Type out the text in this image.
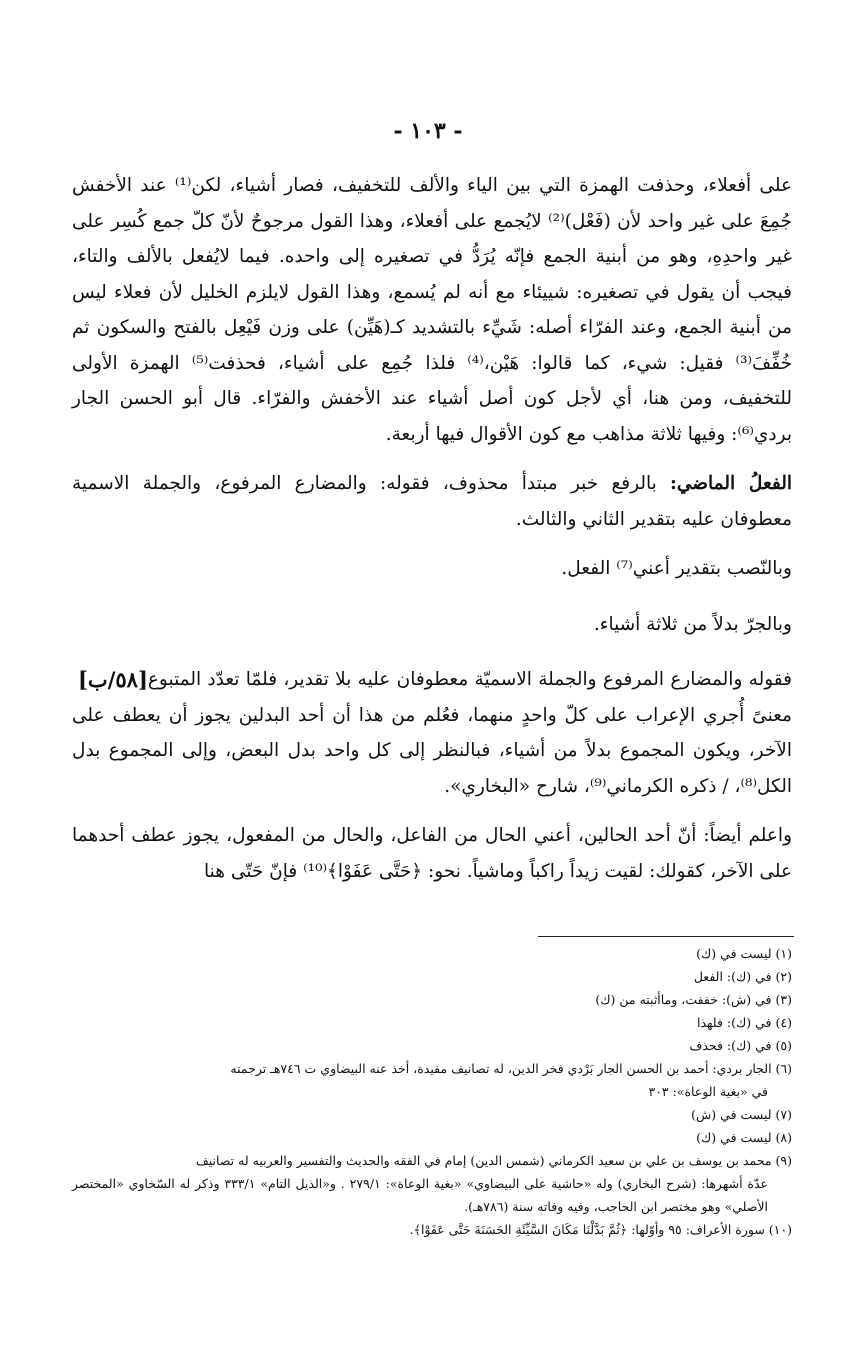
- ١٠٣ -

على أفعلاء، وحذفت الهمزة التي بين الياء والألف للتخفيف، فصار أشياء، لكن⁽¹⁾ عند الأخفش جُمِعَ على غير واحد لأن (فَعْل)⁽²⁾ لايُجمع على أفعلاء، وهذا القول مرجوحٌ لأنّ كلّ جمع كُسِر على غير واحدِهِ، وهو من أبنية الجمع فإنّه يُرَدُّ في تصغيره إلى واحده. فيما لايُفعل بالألف والتاء، فيجب أن يقول في تصغيره: شييئاء مع أنه لم يُسمع، وهذا القول لايلزم الخليل لأن فعلاء ليس من أبنية الجمع، وعند الفرّاء أصله: شَيِّء بالتشديد كـ(هَيِّن) على وزن فَيْعِل بالفتح والسكون ثم خُفِّفَ⁽³⁾ فقيل: شيء، كما قالوا: هَيْن،⁽⁴⁾ فلذا جُمِع على أشياء، فحذفت⁽⁵⁾ الهمزة الأولى للتخفيف، ومن هنا، أي لأجل كون أصل أشياء عند الأخفش والفرّاء. قال أبو الحسن الجار بردي⁽⁶⁾: وفيها ثلاثة مذاهب مع كون الأقوال فيها أربعة.

الفعلُ الماضي: بالرفع خبر مبتدأ محذوف، فقوله: والمضارع المرفوع، والجملة الاسمية معطوفان عليه بتقدير الثاني والثالث.

وبالنّصب بتقدير أعني⁽⁷⁾ الفعل.

وبالجرّ بدلاً من ثلاثة أشياء.

[٥٨/ب] فقوله والمضارع المرفوع والجملة الاسميّة معطوفان عليه بلا تقدير، فلمّا تعدّد المتبوع معنىً أُجري الإعراب على كلّ واحدٍ منهما، فعُلم من هذا أن أحد البدلين يجوز أن يعطف على الآخر، ويكون المجموع بدلاً من أشياء، فبالنظر إلى كل واحد بدل البعض، وإلى المجموع بدل الكل⁽⁸⁾، / ذكره الكرماني⁽⁹⁾، شارح «البخاري».

واعلم أيضاً: أنّ أحد الحالين، أعني الحال من الفاعل، والحال من المفعول، يجوز عطف أحدهما على الآخر، كقولك: لقيت زيداً راكباً وماشياً. نحو: ﴿حَتَّى عَفَوْا﴾⁽¹⁰⁾ فإنّ حَتّى هنا

(١) ليست في (ك)
(٢) في (ك): الفعل
(٣) في (ش): خففت، وماأثبته من (ك)
(٤) في (ك): فلهذا
(٥) في (ك): فحذف
(٦) الجار بردي: أحمد بن الحسن الجار بَرْدي فخر الدين، له تصانيف مفيدة، أخذ عنه البيضاوي ت ٧٤٦هـ ترجمته
في «بغية الوعاة»: ٣٠٣
(٧) ليست في (ش)
(٨) ليست في (ك)
(٩) محمد بن يوسف بن علي بن سعيد الكرماني (شمس الدين) إمام في الفقه والحديث والتفسير والعربيه له تصانيف
عدّة أشهرها: (شرح البخاري) وله «حاشية على البيضاوي» «بغية الوعاة»: ٢٧٩/١ . و«الذيل التام» ٣٣٣/١ وذكر له السّخاوي «المختصر الأصلي» وهو مختصر ابن الحاجب، وفيه وفاته سنة (٧٨٦هـ).
(١٠) سورة الأعراف: ٩٥ وأوّلها: ﴿ثُمَّ بَدَّلْنَا مَكَانَ السَّيِّئَةِ الحَسَنَةَ حَتَّى عَفَوْا﴾.
